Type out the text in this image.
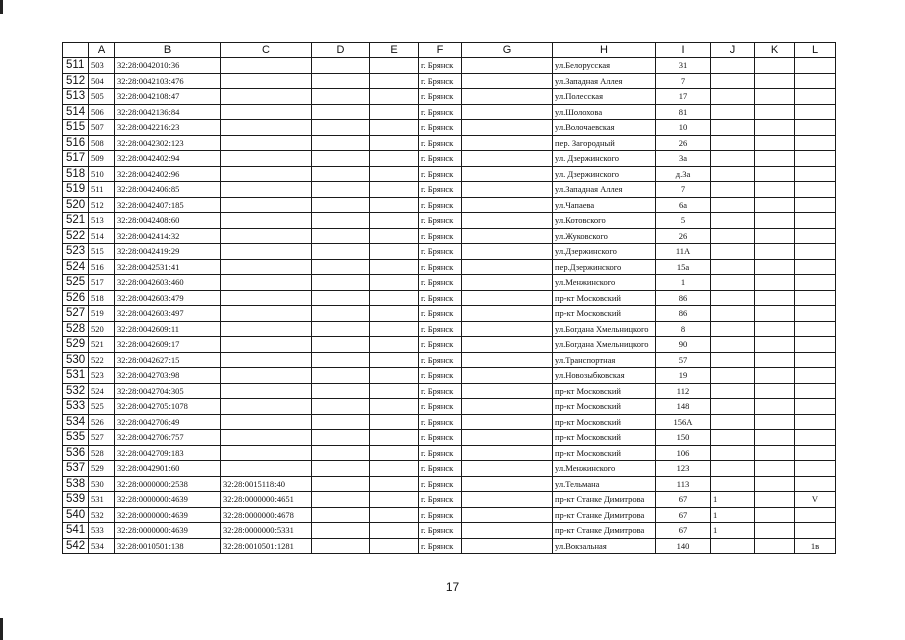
	A	B	C	D	E	F	G	H	I	J	K	L
511	503	32:28:0042010:36				г. Брянск		ул.Белорусская	31			
512	504	32:28:0042103:476				г. Брянск		ул.Западная Аллея	7			
513	505	32:28:0042108:47				г. Брянск		ул.Полесская	17			
514	506	32:28:0042136:84				г. Брянск		ул.Шолохова	81			
515	507	32:28:0042216:23				г. Брянск		ул.Волочаевская	10			
516	508	32:28:0042302:123				г. Брянск		пер. Загородный	26			
517	509	32:28:0042402:94				г. Брянск		ул. Дзержинского	3а			
518	510	32:28:0042402:96				г. Брянск		ул. Дзержинского	д.3а			
519	511	32:28:0042406:85				г. Брянск		ул.Западная Аллея	7			
520	512	32:28:0042407:185				г. Брянск		ул.Чапаева	6а			
521	513	32:28:0042408:60				г. Брянск		ул.Котовского	5			
522	514	32:28:0042414:32				г. Брянск		ул.Жуковского	26			
523	515	32:28:0042419:29				г. Брянск		ул.Дзержинского	11А			
524	516	32:28:0042531:41				г. Брянск		пер.Дзержинского	15а			
525	517	32:28:0042603:460				г. Брянск		ул.Менжинского	1			
526	518	32:28:0042603:479				г. Брянск		пр-кт Московский	86			
527	519	32:28:0042603:497				г. Брянск		пр-кт Московский	86			
528	520	32:28:0042609:11				г. Брянск		ул.Богдана Хмельницкого	8			
529	521	32:28:0042609:17				г. Брянск		ул.Богдана Хмельницкого	90			
530	522	32:28:0042627:15				г. Брянск		ул.Транспортная	57			
531	523	32:28:0042703:98				г. Брянск		ул.Новозыбковская	19			
532	524	32:28:0042704:305				г. Брянск		пр-кт Московский	112			
533	525	32:28:0042705:1078				г. Брянск		пр-кт Московский	148			
534	526	32:28:0042706:49				г. Брянск		пр-кт Московский	156А			
535	527	32:28:0042706:757				г. Брянск		пр-кт Московский	150			
536	528	32:28:0042709:183				г. Брянск		пр-кт Московский	106			
537	529	32:28:0042901:60				г. Брянск		ул.Менжинского	123			
538	530	32:28:0000000:2538	32:28:0015118:40			г. Брянск		ул.Тельмана	113			
539	531	32:28:0000000:4639	32:28:0000000:4651			г. Брянск		пр-кт Станке Димитрова	67	1		V
540	532	32:28:0000000:4639	32:28:0000000:4678			г. Брянск		пр-кт Станке Димитрова	67	1		
541	533	32:28:0000000:4639	32:28:0000000:5331			г. Брянск		пр-кт Станке Димитрова	67	1		
542	534	32:28:0010501:138	32:28:0010501:1281			г. Брянск		ул.Вокзальная	140			1в
17
